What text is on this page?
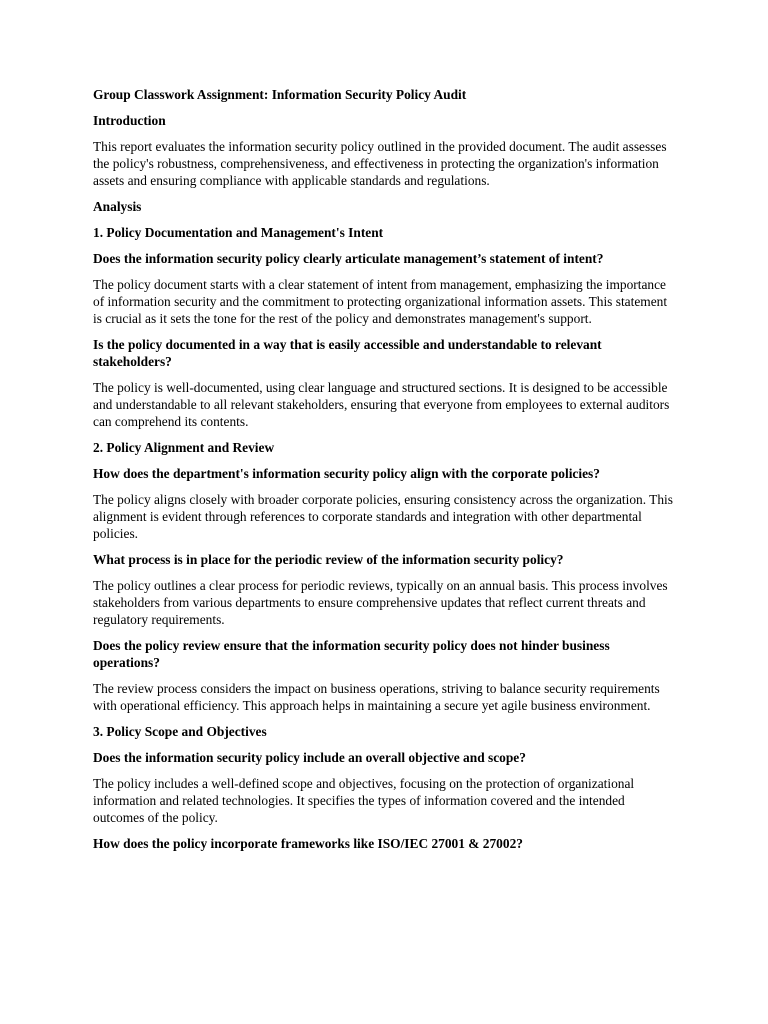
Group Classwork Assignment: Information Security Policy Audit

Introduction

This report evaluates the information security policy outlined in the provided document. The audit assesses the policy's robustness, comprehensiveness, and effectiveness in protecting the organization's information assets and ensuring compliance with applicable standards and regulations.

Analysis

1. Policy Documentation and Management's Intent

Does the information security policy clearly articulate management’s statement of intent?

The policy document starts with a clear statement of intent from management, emphasizing the importance of information security and the commitment to protecting organizational information assets. This statement is crucial as it sets the tone for the rest of the policy and demonstrates management's support.

Is the policy documented in a way that is easily accessible and understandable to relevant stakeholders?

The policy is well-documented, using clear language and structured sections. It is designed to be accessible and understandable to all relevant stakeholders, ensuring that everyone from employees to external auditors can comprehend its contents.

2. Policy Alignment and Review

How does the department's information security policy align with the corporate policies?

The policy aligns closely with broader corporate policies, ensuring consistency across the organization. This alignment is evident through references to corporate standards and integration with other departmental policies.

What process is in place for the periodic review of the information security policy?

The policy outlines a clear process for periodic reviews, typically on an annual basis. This process involves stakeholders from various departments to ensure comprehensive updates that reflect current threats and regulatory requirements.

Does the policy review ensure that the information security policy does not hinder business operations?

The review process considers the impact on business operations, striving to balance security requirements with operational efficiency. This approach helps in maintaining a secure yet agile business environment.

3. Policy Scope and Objectives

Does the information security policy include an overall objective and scope?

The policy includes a well-defined scope and objectives, focusing on the protection of organizational information and related technologies. It specifies the types of information covered and the intended outcomes of the policy.

How does the policy incorporate frameworks like ISO/IEC 27001 & 27002?
